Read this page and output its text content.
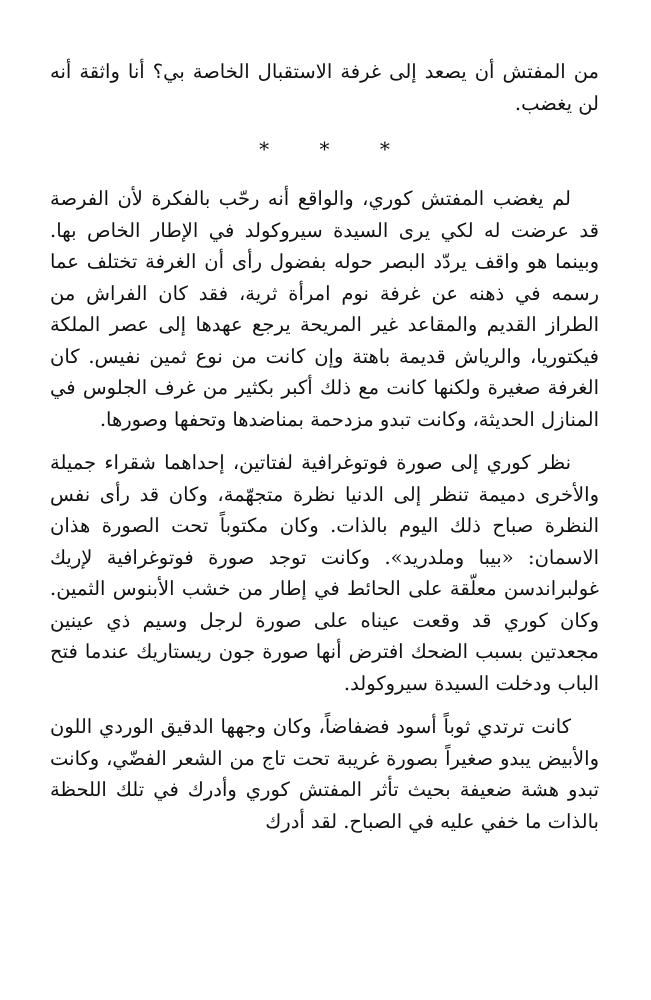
من المفتش أن يصعد إلى غرفة الاستقبال الخاصة بي؟ أنا واثقة أنه لن يغضب.

* * *

لم يغضب المفتش كوري، والواقع أنه رحّب بالفكرة لأن الفرصة قد عرضت له لكي يرى السيدة سيروكولد في الإطار الخاص بها. وبينما هو واقف يردّد البصر حوله بفضول رأى أن الغرفة تختلف عما رسمه في ذهنه عن غرفة نوم امرأة ثرية، فقد كان الفراش من الطراز القديم والمقاعد غير المريحة يرجع عهدها إلى عصر الملكة فيكتوريا، والرياش قديمة باهتة وإن كانت من نوع ثمين نفيس. كان الغرفة صغيرة ولكنها كانت مع ذلك أكبر بكثير من غرف الجلوس في المنازل الحديثة، وكانت تبدو مزدحمة بمناضدها وتحفها وصورها.

نظر كوري إلى صورة فوتوغرافية لفتاتين، إحداهما شقراء جميلة والأخرى دميمة تنظر إلى الدنيا نظرة متجهّمة، وكان قد رأى نفس النظرة صباح ذلك اليوم بالذات. وكان مكتوباً تحت الصورة هذان الاسمان: «بيبا وملدريد». وكانت توجد صورة فوتوغرافية لإريك غولبراندسن معلّقة على الحائط في إطار من خشب الأبنوس الثمين. وكان كوري قد وقعت عيناه على صورة لرجل وسيم ذي عينين مجعدتين بسبب الضحك افترض أنها صورة جون ريستاريك عندما فتح الباب ودخلت السيدة سيروكولد.

كانت ترتدي ثوباً أسود فضفاضاً، وكان وجهها الدقيق الوردي اللون والأبيض يبدو صغيراً بصورة غريبة تحت تاج من الشعر الفضّي، وكانت تبدو هشة ضعيفة بحيث تأثر المفتش كوري وأدرك في تلك اللحظة بالذات ما خفي عليه في الصباح. لقد أدرك
